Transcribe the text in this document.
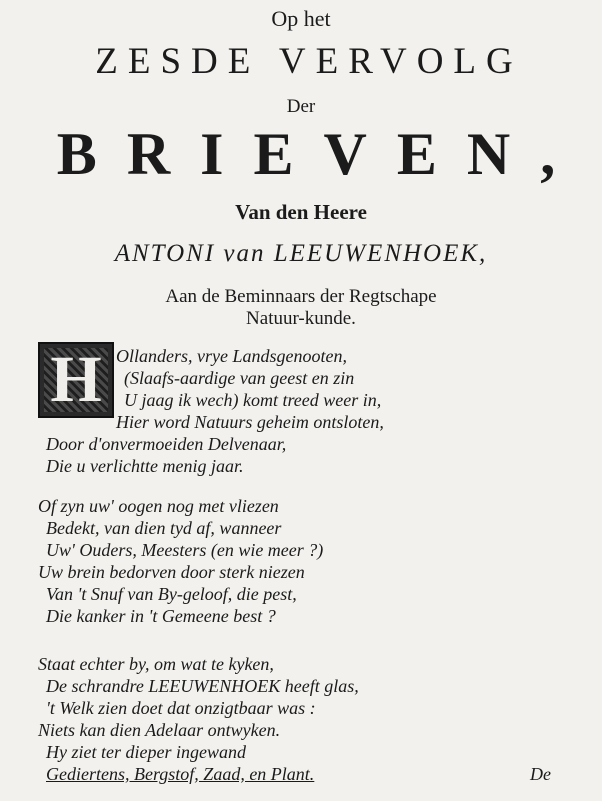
Op het
ZESDE VERVOLG
Der
BRIEVEN,
Van den Heere
ANTONI van LEEUWENHOEK,
Aan de Beminnaars der Regtschape
Natuur-kunde.
H Ollanders, vrye Landsgenooten,
(Slaafs-aardige van geest en zin
U jaag ik wech) komt treed weer in,
Hier word Natuurs geheim ontsloten,
Door d'onvermoeiden Delvenaar,
Die u verlichtte menig jaar.
Of zyn uw' oogen nog met vliezen
Bedekt, van dien tyd af, wanneer
Uw' Ouders, Meesters (en wie meer ?)
Uw brein bedorven door sterk niezen
Van 't Snuf van By-geloof, die pest,
Die kanker in 't Gemeene best ?
Staat echter by, om wat te kyken,
De schrandre LEEUWENHOEK heeft glas,
't Welk zien doet dat onzigtbaar was :
Niets kan dien Adelaar ontwyken.
Hy ziet ter dieper ingewand
Gediertens, Bergstof, Zaad, en Plant.	De
